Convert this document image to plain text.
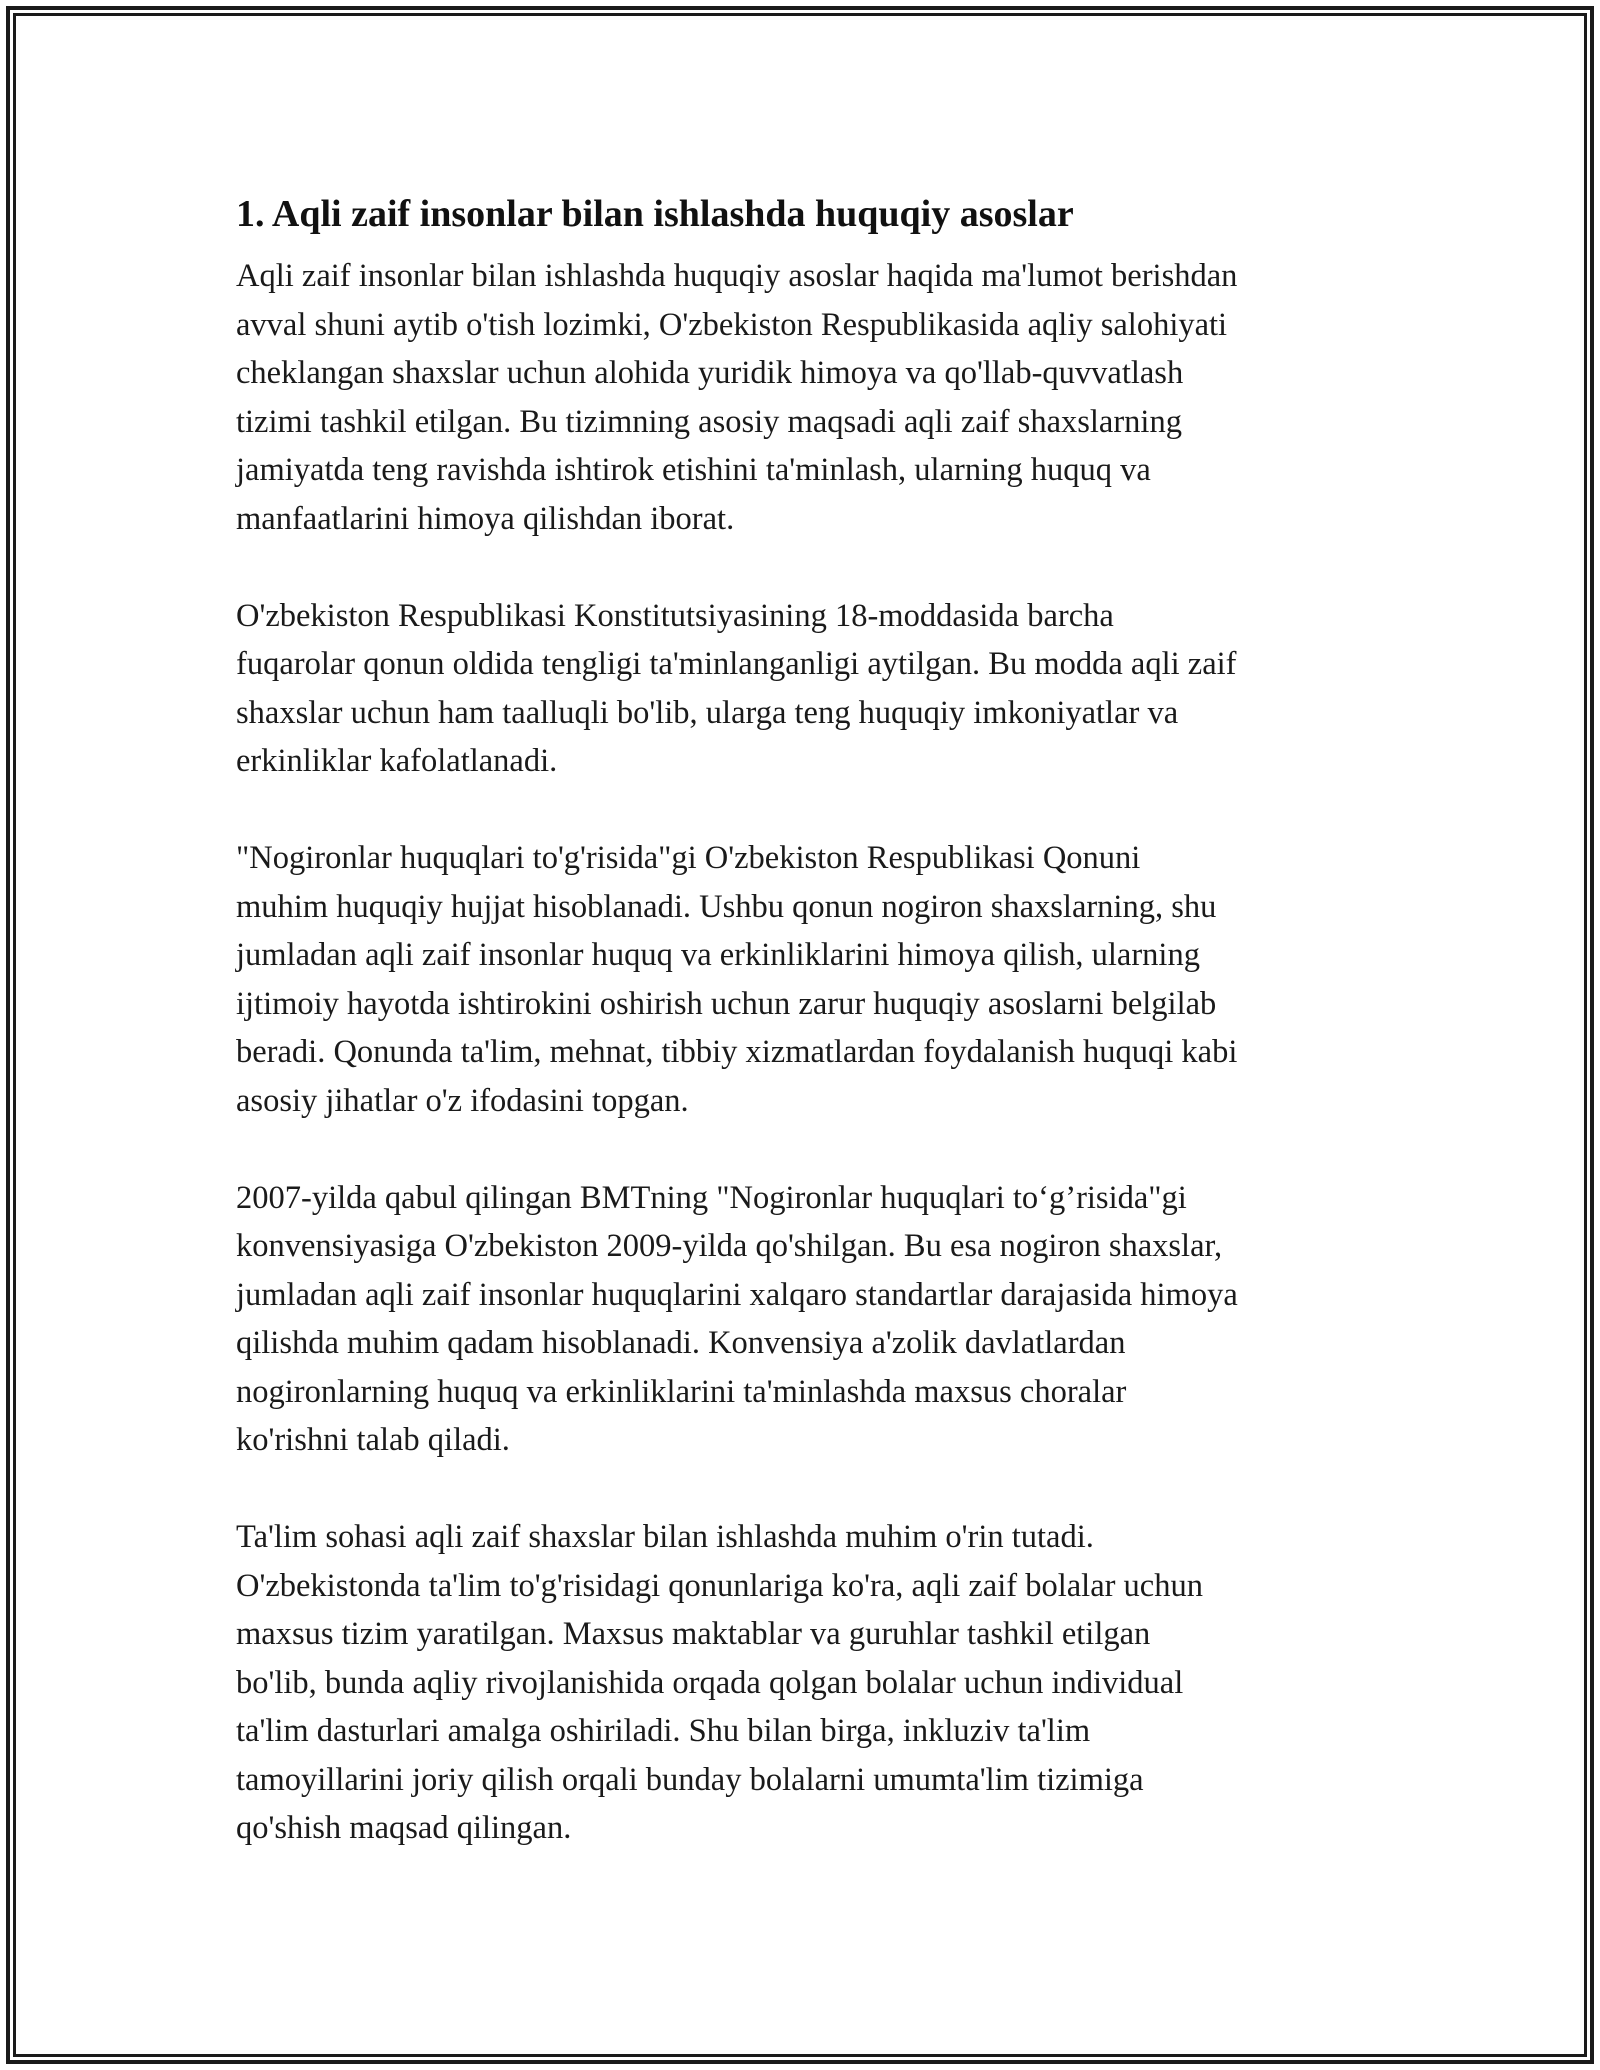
1. Aqli zaif insonlar bilan ishlashda huquqiy asoslar

Aqli zaif insonlar bilan ishlashda huquqiy asoslar haqida ma'lumot berishdan
avval shuni aytib o'tish lozimki, O'zbekiston Respublikasida aqliy salohiyati
cheklangan shaxslar uchun alohida yuridik himoya va qo'llab-quvvatlash
tizimi tashkil etilgan. Bu tizimning asosiy maqsadi aqli zaif shaxslarning
jamiyatda teng ravishda ishtirok etishini ta'minlash, ularning huquq va
manfaatlarini himoya qilishdan iborat.

O'zbekiston Respublikasi Konstitutsiyasining 18-moddasida barcha
fuqarolar qonun oldida tengligi ta'minlanganligi aytilgan. Bu modda aqli zaif
shaxslar uchun ham taalluqli bo'lib, ularga teng huquqiy imkoniyatlar va
erkinliklar kafolatlanadi.

"Nogironlar huquqlari to'g'risida"gi O'zbekiston Respublikasi Qonuni
muhim huquqiy hujjat hisoblanadi. Ushbu qonun nogiron shaxslarning, shu
jumladan aqli zaif insonlar huquq va erkinliklarini himoya qilish, ularning
ijtimoiy hayotda ishtirokini oshirish uchun zarur huquqiy asoslarni belgilab
beradi. Qonunda ta'lim, mehnat, tibbiy xizmatlardan foydalanish huquqi kabi
asosiy jihatlar o'z ifodasini topgan.

2007-yilda qabul qilingan BMTning "Nogironlar huquqlari to‘g’risida"gi
konvensiyasiga O'zbekiston 2009-yilda qo'shilgan. Bu esa nogiron shaxslar,
jumladan aqli zaif insonlar huquqlarini xalqaro standartlar darajasida himoya
qilishda muhim qadam hisoblanadi. Konvensiya a'zolik davlatlardan
nogironlarning huquq va erkinliklarini ta'minlashda maxsus choralar
ko'rishni talab qiladi.

Ta'lim sohasi aqli zaif shaxslar bilan ishlashda muhim o'rin tutadi.
O'zbekistonda ta'lim to'g'risidagi qonunlariga ko'ra, aqli zaif bolalar uchun
maxsus tizim yaratilgan. Maxsus maktablar va guruhlar tashkil etilgan
bo'lib, bunda aqliy rivojlanishida orqada qolgan bolalar uchun individual
ta'lim dasturlari amalga oshiriladi. Shu bilan birga, inkluziv ta'lim
tamoyillarini joriy qilish orqali bunday bolalarni umumta'lim tizimiga
qo'shish maqsad qilingan.
